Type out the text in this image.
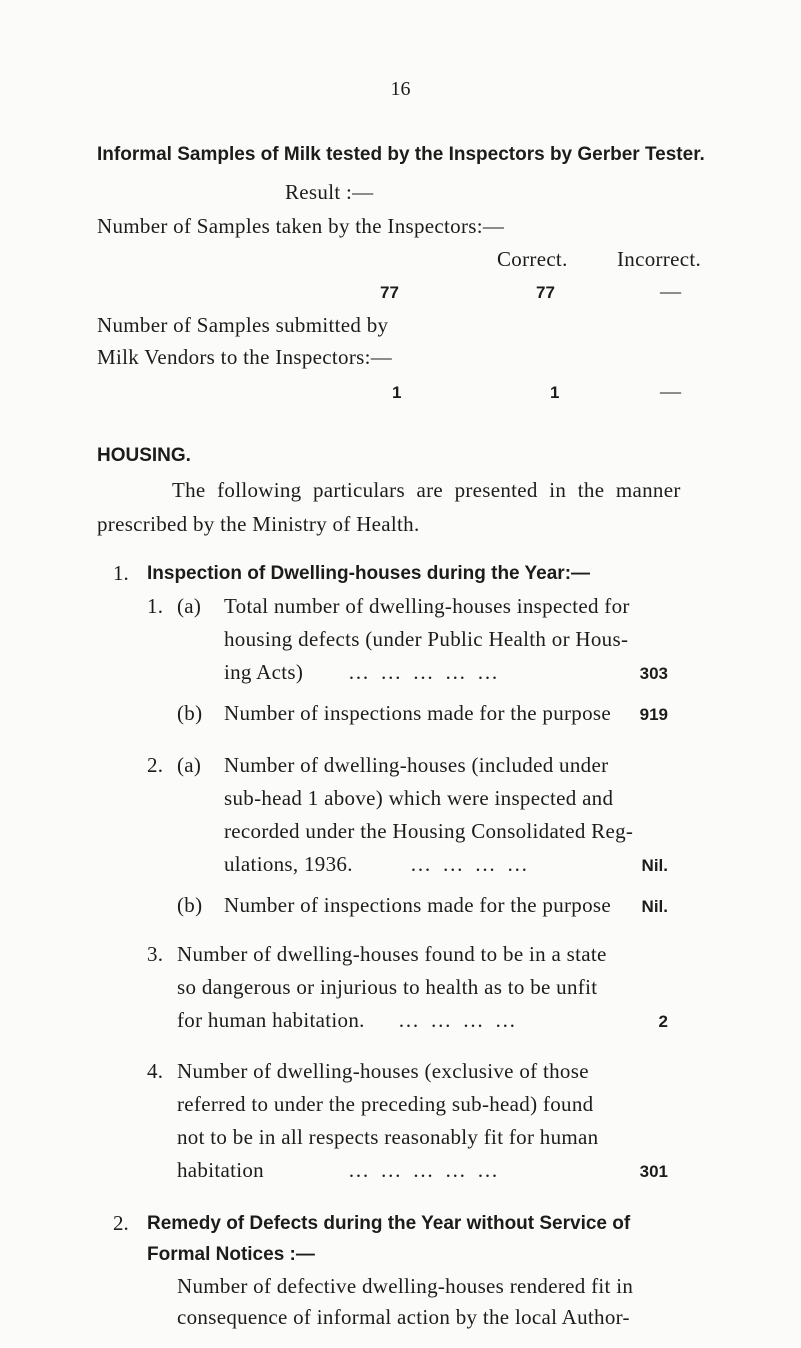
16
Informal Samples of Milk tested by the Inspectors by Gerber Tester.
Result :—
Number of Samples taken by the Inspectors:—
Correct. Incorrect.
77	77	—
Number of Samples submitted by
Milk Vendors to the Inspectors:—
1	1	—
HOUSING.
The following particulars are presented in the manner
prescribed by the Ministry of Health.
1. Inspection of Dwelling-houses during the Year:—
1. (a) Total number of dwelling-houses inspected for
housing defects (under Public Health or Hous-
ing Acts) … … … … …	303
(b) Number of inspections made for the purpose	919
2. (a) Number of dwelling-houses (included under
sub-head 1 above) which were inspected and
recorded under the Housing Consolidated Reg-
ulations, 1936.	… … … …	Nil.
(b) Number of inspections made for the purpose	Nil.
3. Number of dwelling-houses found to be in a state
so dangerous or injurious to health as to be unfit
for human habitation. … … … …	2
4. Number of dwelling-houses (exclusive of those
referred to under the preceding sub-head) found
not to be in all respects reasonably fit for human
habitation	… … … … …	301
2. Remedy of Defects during the Year without Service of
Formal Notices :—
Number of defective dwelling-houses rendered fit in
consequence of informal action by the local Author-
